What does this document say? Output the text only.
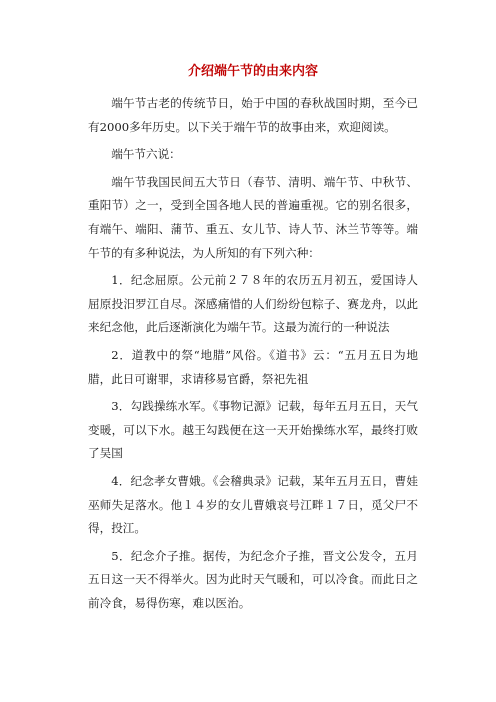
介绍端午节的由来内容

端午节古老的传统节日，始于中国的春秋战国时期，至今已有2000多年历史。以下关于端午节的故事由来，欢迎阅读。

端午节六说：

端午节我国民间五大节日（春节、清明、端午节、中秋节、重阳节）之一，受到全国各地人民的普遍重视。它的别名很多，有端午、端阳、蒲节、重五、女儿节、诗人节、沐兰节等等。端午节的有多种说法，为人所知的有下列六种：

1．纪念屈原。公元前２７８年的农历五月初五，爱国诗人屈原投汨罗江自尽。深感痛惜的人们纷纷包粽子、赛龙舟，以此来纪念他，此后逐渐演化为端午节。这最为流行的一种说法

2．道教中的祭“地腊”风俗。《道书》云：“五月五日为地腊，此日可谢罪，求请移易官爵，祭祀先祖

3．勾践操练水军。《事物记源》记载，每年五月五日，天气变暖，可以下水。越王勾践便在这一天开始操练水军，最终打败了吴国

4．纪念孝女曹娥。《会稽典录》记载，某年五月五日，曹娃巫师失足落水。他１４岁的女儿曹娥哀号江畔１７日，觅父尸不得，投江。

5．纪念介子推。据传，为纪念介子推，晋文公发令，五月五日这一天不得举火。因为此时天气暖和，可以冷食。而此日之前冷食，易得伤寒，难以医治。
